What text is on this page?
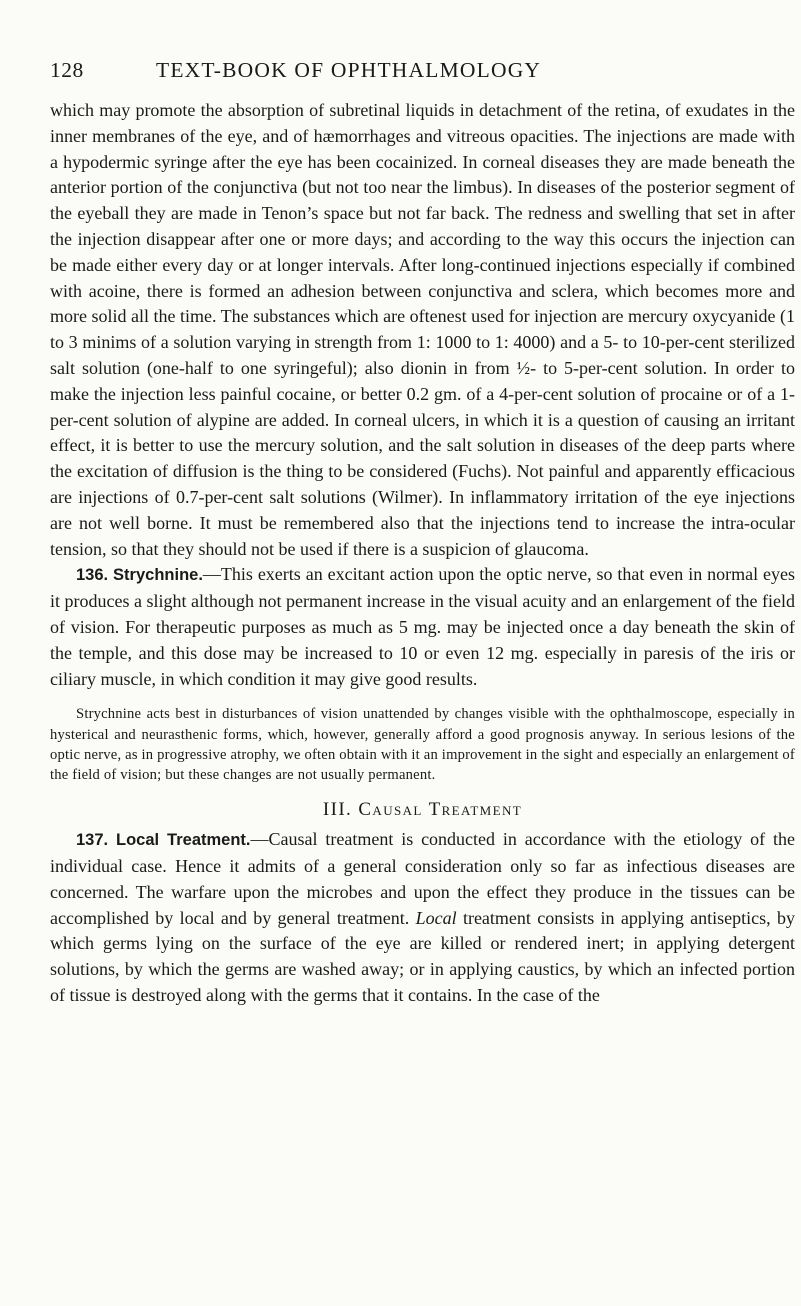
128	TEXT-BOOK OF OPHTHALMOLOGY

which may promote the absorption of subretinal liquids in detachment of the retina, of exudates in the inner membranes of the eye, and of hæmorrhages and vitreous opacities. The injections are made with a hypodermic syringe after the eye has been cocainized. In corneal diseases they are made beneath the anterior portion of the conjunctiva (but not too near the limbus). In diseases of the posterior segment of the eyeball they are made in Tenon’s space but not far back. The redness and swelling that set in after the injection disappear after one or more days; and according to the way this occurs the injection can be made either every day or at longer intervals. After long-continued injections especially if combined with acoine, there is formed an adhesion between conjunctiva and sclera, which becomes more and more solid all the time. The substances which are oftenest used for injection are mercury oxycyanide (1 to 3 minims of a solution varying in strength from 1: 1000 to 1: 4000) and a 5- to 10-per-cent sterilized salt solution (one-half to one syringeful); also dionin in from ½- to 5-per-cent solution. In order to make the injection less painful cocaine, or better 0.2 gm. of a 4-per-cent solution of procaine or of a 1-per-cent solution of alypine are added. In corneal ulcers, in which it is a question of causing an irritant effect, it is better to use the mercury solution, and the salt solution in diseases of the deep parts where the excitation of diffusion is the thing to be considered (Fuchs). Not painful and apparently efficacious are injections of 0.7-per-cent salt solutions (Wilmer). In inflammatory irritation of the eye injections are not well borne. It must be remembered also that the injections tend to increase the intra-ocular tension, so that they should not be used if there is a suspicion of glaucoma.

136. Strychnine.—This exerts an excitant action upon the optic nerve, so that even in normal eyes it produces a slight although not permanent increase in the visual acuity and an enlargement of the field of vision. For therapeutic purposes as much as 5 mg. may be injected once a day beneath the skin of the temple, and this dose may be increased to 10 or even 12 mg. especially in paresis of the iris or ciliary muscle, in which condition it may give good results.

Strychnine acts best in disturbances of vision unattended by changes visible with the ophthalmoscope, especially in hysterical and neurasthenic forms, which, however, generally afford a good prognosis anyway. In serious lesions of the optic nerve, as in progressive atrophy, we often obtain with it an improvement in the sight and especially an enlargement of the field of vision; but these changes are not usually permanent.

III. Causal Treatment

137. Local Treatment.—Causal treatment is conducted in accordance with the etiology of the individual case. Hence it admits of a general consideration only so far as infectious diseases are concerned. The warfare upon the microbes and upon the effect they produce in the tissues can be accomplished by local and by general treatment. Local treatment consists in applying antiseptics, by which germs lying on the surface of the eye are killed or rendered inert; in applying detergent solutions, by which the germs are washed away; or in applying caustics, by which an infected portion of tissue is destroyed along with the germs that it contains. In the case of the
